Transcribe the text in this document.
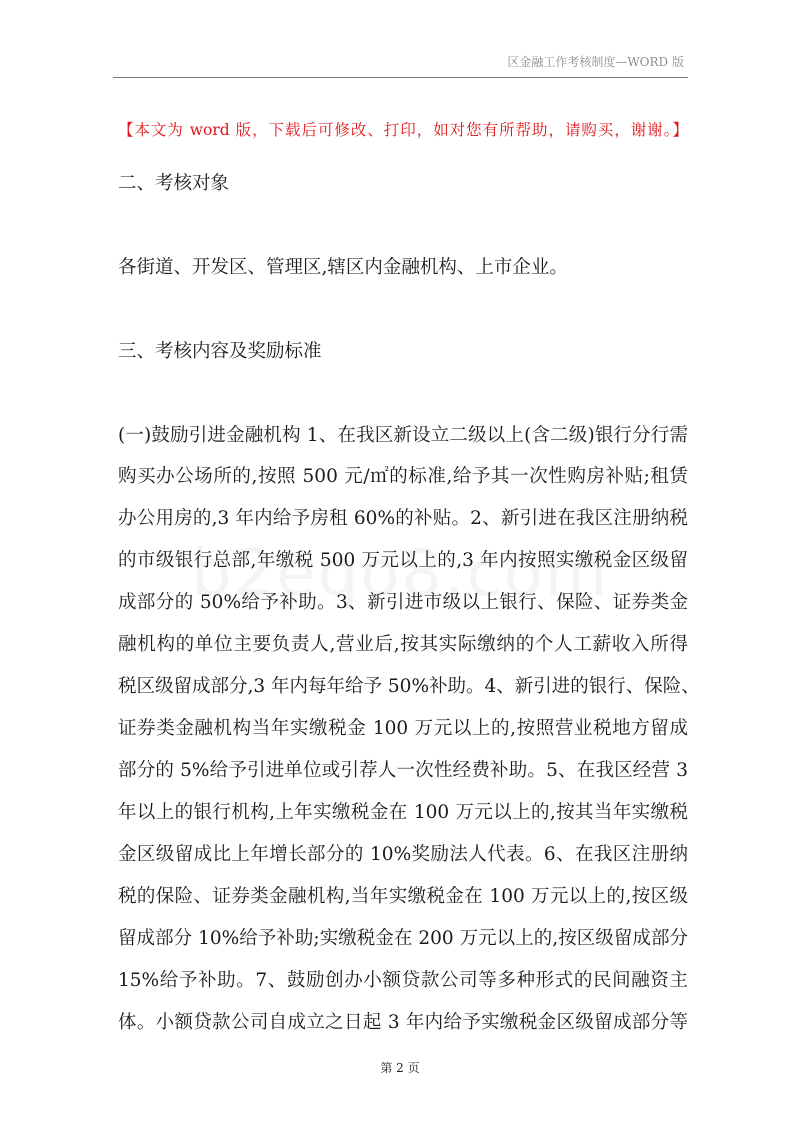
区金融工作考核制度—WORD 版
【本文为 word 版，下载后可修改、打印，如对您有所帮助，请购买，谢谢。】
二、考核对象
各街道、开发区、管理区,辖区内金融机构、上市企业。
三、考核内容及奖励标准
(一)鼓励引进金融机构 1、在我区新设立二级以上(含二级)银行分行需
购买办公场所的,按照 500 元/㎡的标准,给予其一次性购房补贴;租赁
办公用房的,3 年内给予房租 60%的补贴。2、新引进在我区注册纳税
的市级银行总部,年缴税 500 万元以上的,3 年内按照实缴税金区级留
成部分的 50%给予补助。3、新引进市级以上银行、保险、证券类金
融机构的单位主要负责人,营业后,按其实际缴纳的个人工薪收入所得
税区级留成部分,3 年内每年给予 50%补助。4、新引进的银行、保险、
证券类金融机构当年实缴税金 100 万元以上的,按照营业税地方留成
部分的 5%给予引进单位或引荐人一次性经费补助。5、在我区经营 3
年以上的银行机构,上年实缴税金在 100 万元以上的,按其当年实缴税
金区级留成比上年增长部分的 10%奖励法人代表。6、在我区注册纳
税的保险、证券类金融机构,当年实缴税金在 100 万元以上的,按区级
留成部分 10%给予补助;实缴税金在 200 万元以上的,按区级留成部分
15%给予补助。7、鼓励创办小额贷款公司等多种形式的民间融资主
体。小额贷款公司自成立之日起 3 年内给予实缴税金区级留成部分等
第 2 页
